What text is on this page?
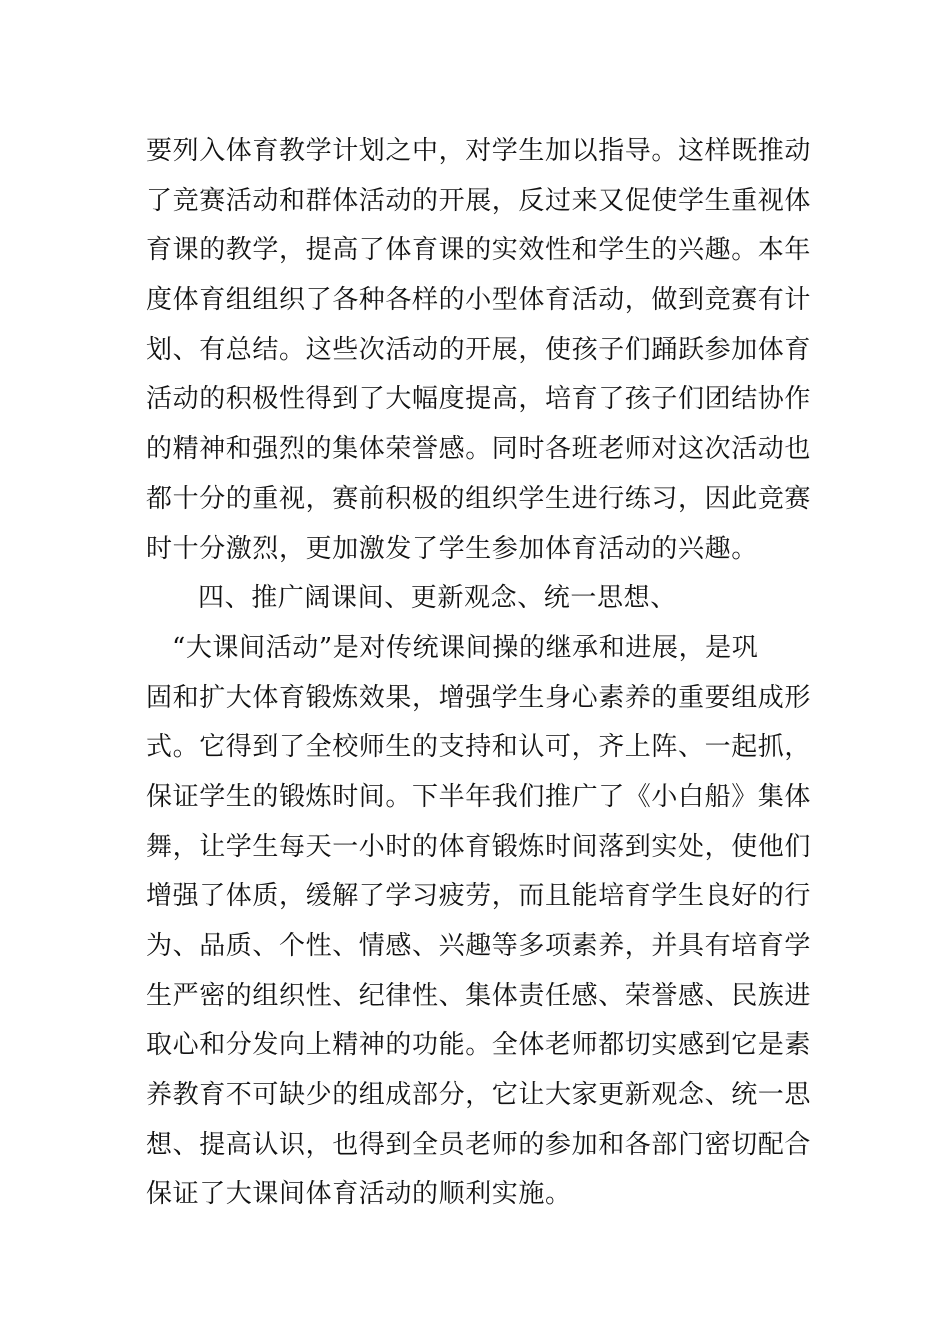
要列入体育教学计划之中，对学生加以指导。这样既推动
了竞赛活动和群体活动的开展，反过来又促使学生重视体
育课的教学，提高了体育课的实效性和学生的兴趣。本年
度体育组组织了各种各样的小型体育活动，做到竞赛有计
划、有总结。这些次活动的开展，使孩子们踊跃参加体育
活动的积极性得到了大幅度提高，培育了孩子们团结协作
的精神和强烈的集体荣誉感。同时各班老师对这次活动也
都十分的重视，赛前积极的组织学生进行练习，因此竞赛
时十分激烈，更加激发了学生参加体育活动的兴趣。
四、推广阔课间、更新观念、统一思想、
“大课间活动”是对传统课间操的继承和进展，是巩
固和扩大体育锻炼效果，增强学生身心素养的重要组成形
式。它得到了全校师生的支持和认可，齐上阵、一起抓，
保证学生的锻炼时间。下半年我们推广了《小白船》集体
舞，让学生每天一小时的体育锻炼时间落到实处，使他们
增强了体质，缓解了学习疲劳，而且能培育学生良好的行
为、品质、个性、情感、兴趣等多项素养，并具有培育学
生严密的组织性、纪律性、集体责任感、荣誉感、民族进
取心和分发向上精神的功能。全体老师都切实感到它是素
养教育不可缺少的组成部分，它让大家更新观念、统一思
想、提高认识，也得到全员老师的参加和各部门密切配合
保证了大课间体育活动的顺利实施。
